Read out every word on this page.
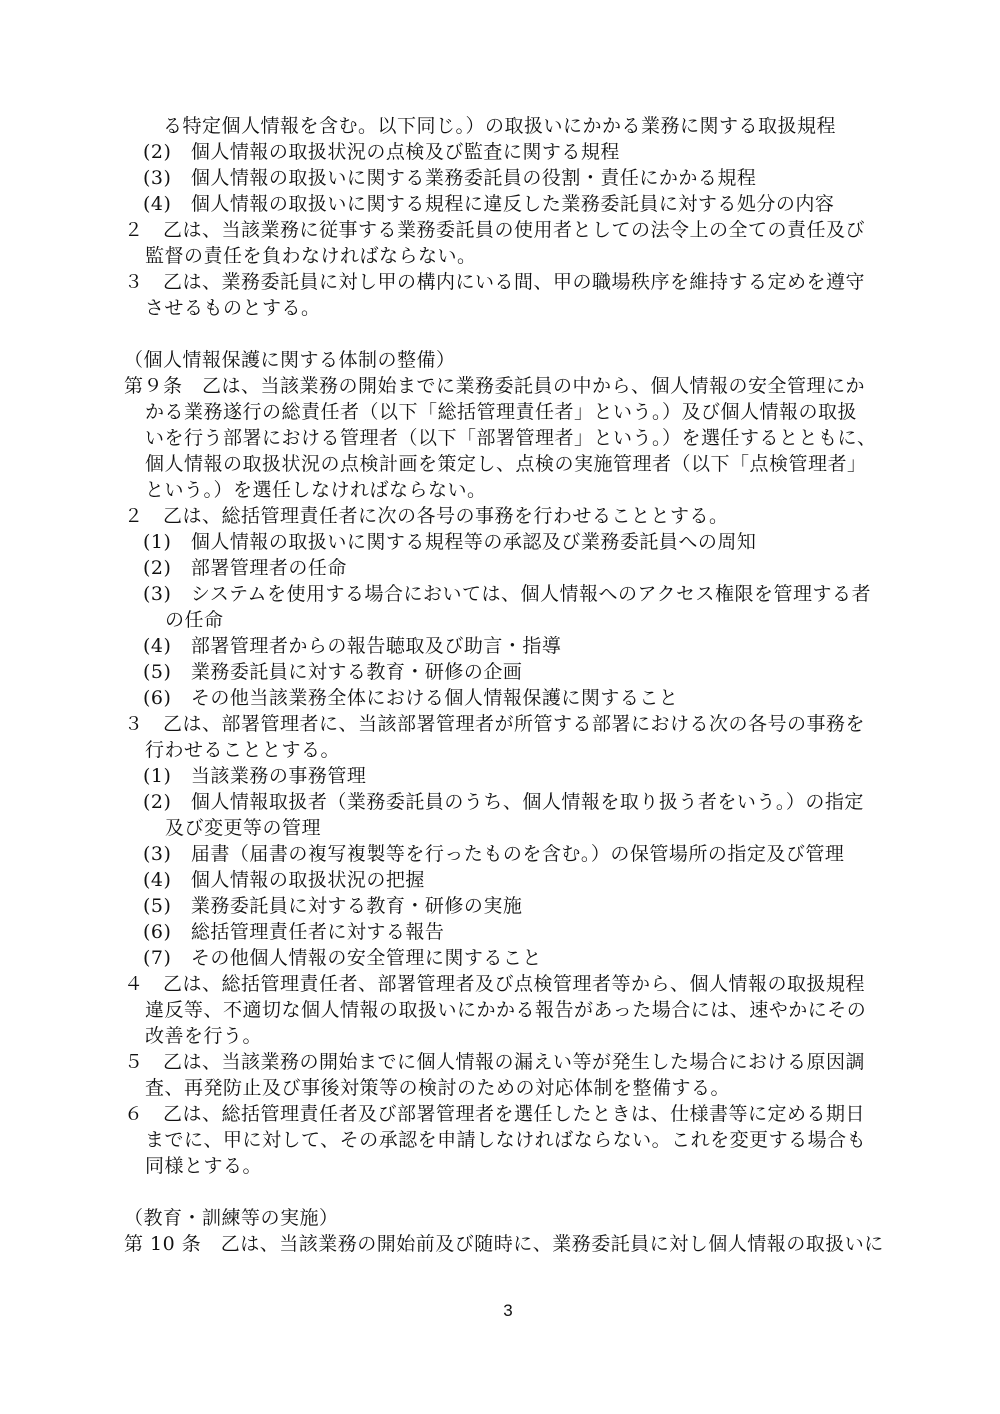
る特定個人情報を含む。以下同じ。）の取扱いにかかる業務に関する取扱規程
(2)　個人情報の取扱状況の点検及び監査に関する規程
(3)　個人情報の取扱いに関する業務委託員の役割・責任にかかる規程
(4)　個人情報の取扱いに関する規程に違反した業務委託員に対する処分の内容
２　乙は、当該業務に従事する業務委託員の使用者としての法令上の全ての責任及び
監督の責任を負わなければならない。
３　乙は、業務委託員に対し甲の構内にいる間、甲の職場秩序を維持する定めを遵守
させるものとする。
（個人情報保護に関する体制の整備）
第９条　乙は、当該業務の開始までに業務委託員の中から、個人情報の安全管理にか
かる業務遂行の総責任者（以下「総括管理責任者」という。）及び個人情報の取扱
いを行う部署における管理者（以下「部署管理者」という。）を選任するとともに、
個人情報の取扱状況の点検計画を策定し、点検の実施管理者（以下「点検管理者」
という。）を選任しなければならない。
２　乙は、総括管理責任者に次の各号の事務を行わせることとする。
(1)　個人情報の取扱いに関する規程等の承認及び業務委託員への周知
(2)　部署管理者の任命
(3)　システムを使用する場合においては、個人情報へのアクセス権限を管理する者
の任命
(4)　部署管理者からの報告聴取及び助言・指導
(5)　業務委託員に対する教育・研修の企画
(6)　その他当該業務全体における個人情報保護に関すること
３　乙は、部署管理者に、当該部署管理者が所管する部署における次の各号の事務を
行わせることとする。
(1)　当該業務の事務管理
(2)　個人情報取扱者（業務委託員のうち、個人情報を取り扱う者をいう。）の指定
及び変更等の管理
(3)　届書（届書の複写複製等を行ったものを含む。）の保管場所の指定及び管理
(4)　個人情報の取扱状況の把握
(5)　業務委託員に対する教育・研修の実施
(6)　総括管理責任者に対する報告
(7)　その他個人情報の安全管理に関すること
４　乙は、総括管理責任者、部署管理者及び点検管理者等から、個人情報の取扱規程
違反等、不適切な個人情報の取扱いにかかる報告があった場合には、速やかにその
改善を行う。
５　乙は、当該業務の開始までに個人情報の漏えい等が発生した場合における原因調
査、再発防止及び事後対策等の検討のための対応体制を整備する。
６　乙は、総括管理責任者及び部署管理者を選任したときは、仕様書等に定める期日
までに、甲に対して、その承認を申請しなければならない。これを変更する場合も
同様とする。
（教育・訓練等の実施）
第 10 条　乙は、当該業務の開始前及び随時に、業務委託員に対し個人情報の取扱いに
3
